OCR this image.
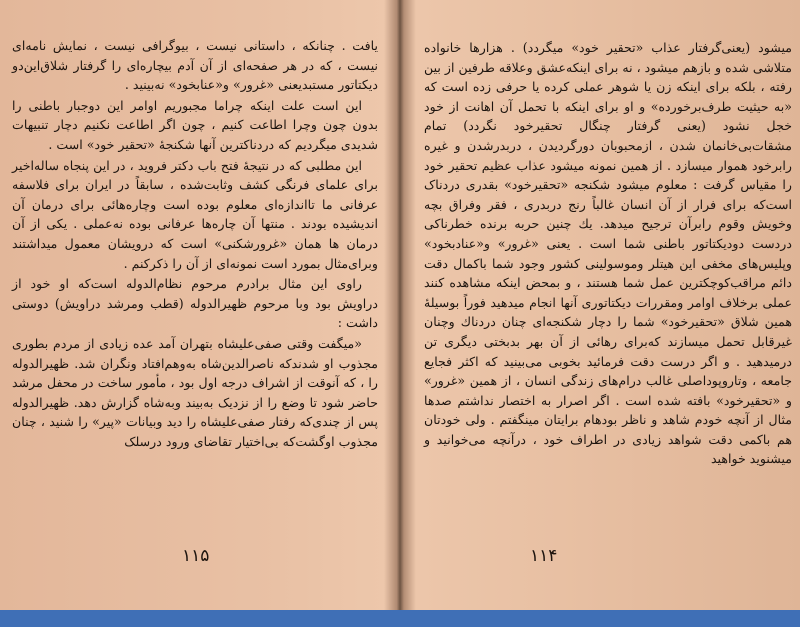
یافت . چنانکه ، داستانی نیست ، بیوگرافی نیست ، نمایش نامه‌ای نیست ، که در هر صفحه‌ای از آن آدم بیچاره‌ای را گرفتار شلاق‌این‌دو دیکتاتور مستبدیعنی «غرور» و«عنابخود» نه‌بینید .

این است علت اینکه چراما مجبوریم اوامر این دوجبار باطنی را بدون چون وچرا اطاعت کنیم ، چون اگر اطاعت نکنیم دچار تنبیهات شدیدی میگردیم که دردناکترین آنها شکنجهٔ «تحقیر خود» است .

این مطلبی که در نتیجهٔ فتح باب دکتر فروید ، در این پنجاه ساله‌اخیر برای علمای فرنگی کشف وثابت‌شده ، سابقاً در ایران برای فلاسفه عرفانی ما تااندازه‌ای معلوم بوده است وچاره‌هائی برای درمان آن اندیشیده بودند . منتها آن چاره‌ها عرفانی بوده نه‌عملی . یکی از آن درمان ها همان «غرورشکنی» است که درویشان معمول میداشتند وبرای‌مثال بمورد است نمونه‌ای از آن را ذکرکنم .

راوی این مثال برادرم مرحوم نظام‌الدوله است‌که او خود از دراویش بود وبا مرحوم ظهیرالدوله (قطب ومرشد دراویش) دوستی داشت :

«میگفت وقتی صفی‌علیشاه بتهران آمد عده زیادی از مردم بطوری مجذوب او شدندکه ناصرالدین‌شاه به‌وهم‌افتاد ونگران شد. ظهیرالدوله را ، که آنوقت از اشراف درجه اول بود ، مأمور ساخت در محفل مرشد حاضر شود تا وضع را از نزدیک به‌بیند وبه‌شاه گزارش دهد. ظهیرالدوله پس از چندی‌که رفتار صفی‌علیشاه را دید وبیانات «پیر» را شنید ، چنان مجذوب اوگشت‌که بی‌اختیار تقاضای ورود درسلک

۱۱۵

میشود (یعنی‌گرفتار عذاب «تحقیر خود» میگردد) . هزارها خانواده متلاشی شده و بازهم میشود ، نه برای اینکه‌عشق وعلاقه طرفین از بین رفته ، بلکه برای اینکه زن یا شوهر عملی کرده یا حرفی زده است که «به حیثیت طرف‌برخورده» و او برای اینکه با تحمل آن اهانت از خود خجل نشود (یعنی گرفتار چنگال تحقیرخود نگردد) تمام مشقات‌بی‌خانمان شدن ، ازمحبوبان دورگردیدن ، دربدرشدن و غیره رابرخود هموار میسازد . از همین نمونه میشود عذاب عظیم تحقیر خود را مقیاس گرفت : معلوم میشود شکنجه «تحقیرخود» بقدری دردناک است‌که برای فرار از آن انسان غالباً رنج دربدری ، فقر وفراق بچه وخویش وقوم رابرآن ترجیح میدهد. یك چنین حربه برنده خطرناکی دردست دودیکتاتور باطنی شما است . یعنی «غرور» و«عنادبخود» وپلیس‌های مخفی این هیتلر وموسولینی کشور وجود شما باکمال دقت دائم مراقب‌کوچکترین عمل شما هستند ، و بمحض اینکه مشاهده کنند عملی برخلاف اوامر ومقررات دیکتاتوری آنها انجام میدهید فوراً بوسیلهٔ همین شلاق «تحقیرخود» شما را دچار شکنجه‌ای چنان دردناك وچنان غیرقابل تحمل میسازند که‌برای رهائی از آن بهر بدبختی دیگری تن درمیدهید . و اگر درست دقت فرمائید بخوبی می‌بینید که اکثر فجایع جامعه ، وتاروپوداصلی غالب درام‌های زندگی انسان ، از همین «غرور» و «تحقیرخود» بافته شده است . اگر اصرار به اختصار نداشتم صدها مثال از آنچه خودم شاهد و ناظر بودهام برایتان مینگفتم . ولی خودتان هم باکمی دقت شواهد زیادی در اطراف خود ، درآنچه می‌خوانید و میشنوید خواهید

۱۱۴
